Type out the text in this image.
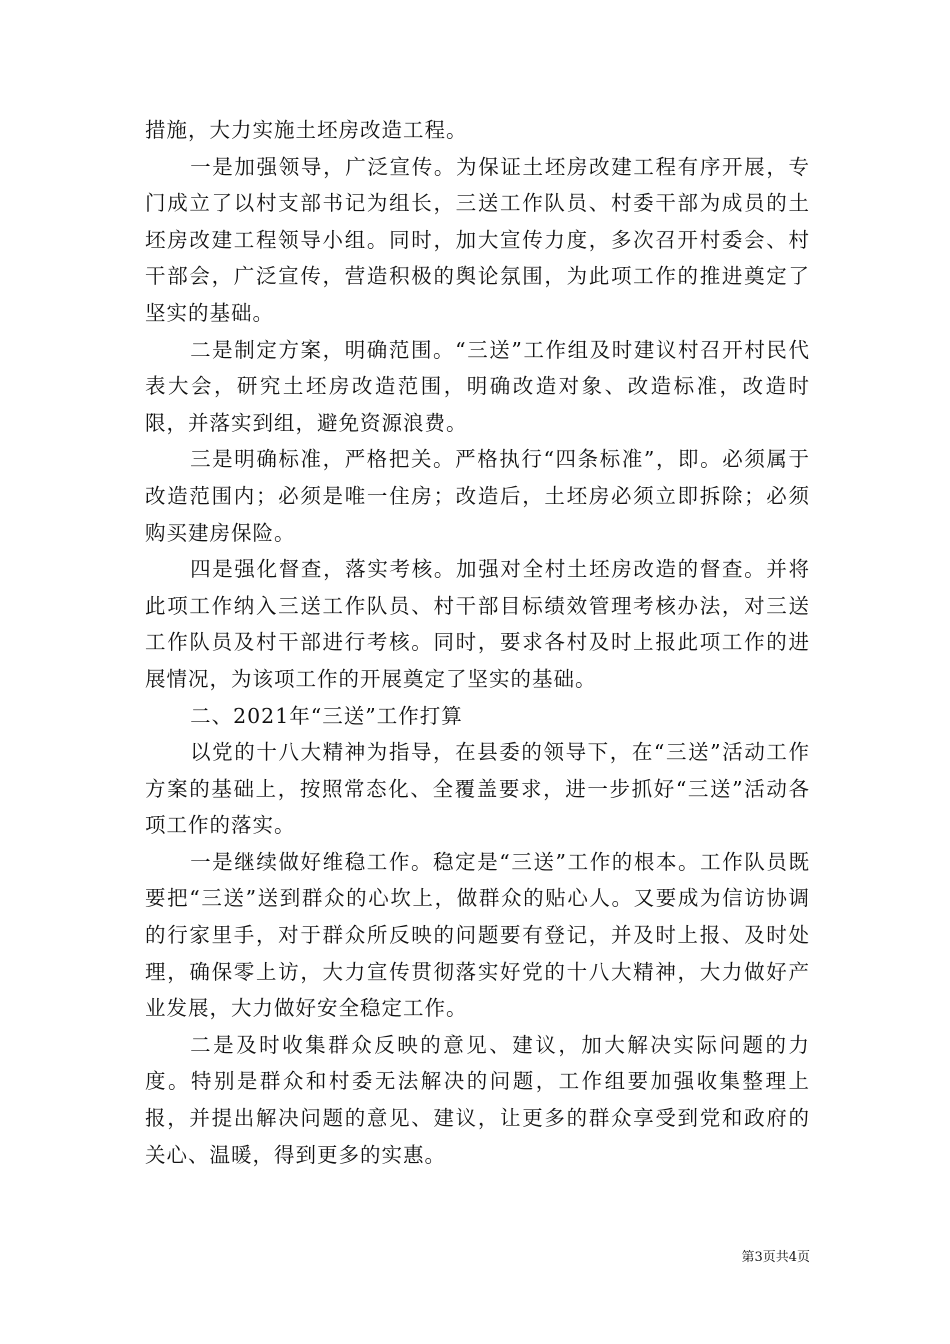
措施，大力实施土坯房改造工程。

一是加强领导，广泛宣传。为保证土坯房改建工程有序开展，专门成立了以村支部书记为组长，三送工作队员、村委干部为成员的土坯房改建工程领导小组。同时，加大宣传力度，多次召开村委会、村干部会，广泛宣传，营造积极的舆论氛围，为此项工作的推进奠定了坚实的基础。

二是制定方案，明确范围。“三送”工作组及时建议村召开村民代表大会，研究土坯房改造范围，明确改造对象、改造标准，改造时限，并落实到组，避免资源浪费。

三是明确标准，严格把关。严格执行“四条标准”，即。必须属于改造范围内；必须是唯一住房；改造后，土坯房必须立即拆除；必须购买建房保险。

四是强化督查，落实考核。加强对全村土坯房改造的督查。并将此项工作纳入三送工作队员、村干部目标绩效管理考核办法，对三送工作队员及村干部进行考核。同时，要求各村及时上报此项工作的进展情况，为该项工作的开展奠定了坚实的基础。

二、2021年“三送”工作打算

以党的十八大精神为指导，在县委的领导下，在“三送”活动工作方案的基础上，按照常态化、全覆盖要求，进一步抓好“三送”活动各项工作的落实。

一是继续做好维稳工作。稳定是“三送”工作的根本。工作队员既要把“三送”送到群众的心坎上，做群众的贴心人。又要成为信访协调的行家里手，对于群众所反映的问题要有登记，并及时上报、及时处理，确保零上访，大力宣传贯彻落实好党的十八大精神，大力做好产业发展，大力做好安全稳定工作。

二是及时收集群众反映的意见、建议，加大解决实际问题的力度。特别是群众和村委无法解决的问题，工作组要加强收集整理上报，并提出解决问题的意见、建议，让更多的群众享受到党和政府的关心、温暖，得到更多的实惠。

第3页共4页
